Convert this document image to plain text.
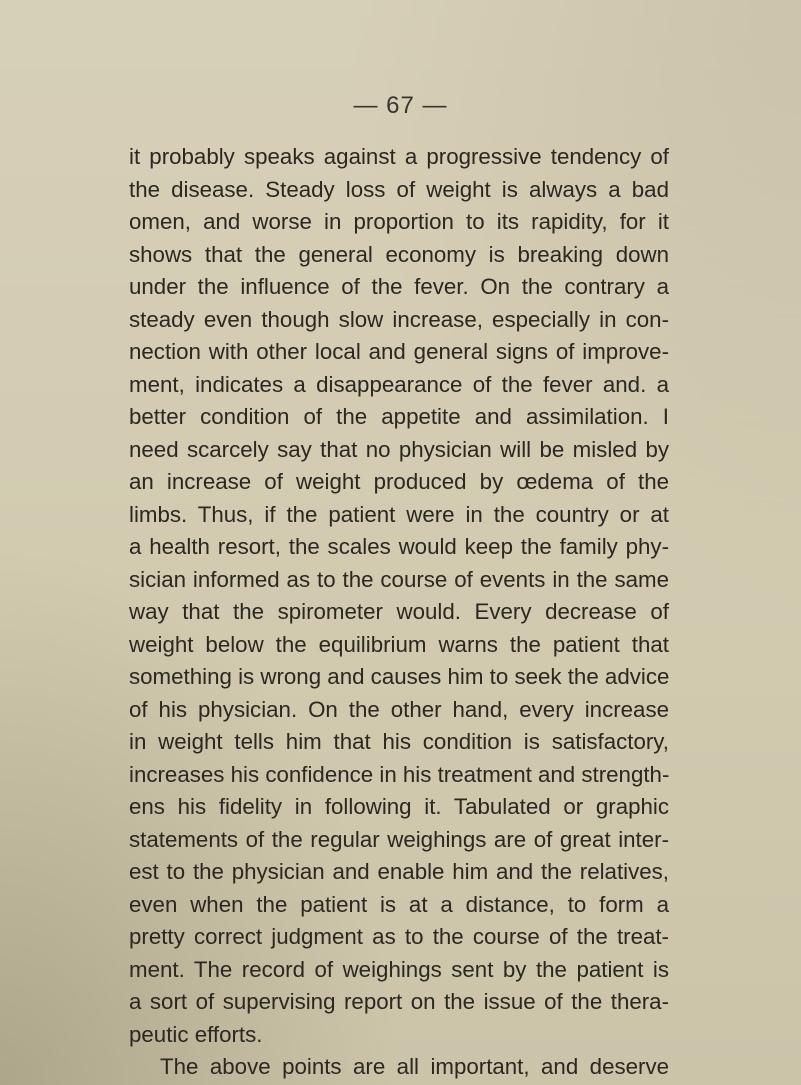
— 67 —
it probably speaks against a progressive tendency of
the disease. Steady loss of weight is always a bad
omen, and worse in proportion to its rapidity, for it
shows that the general economy is breaking down
under the influence of the fever. On the contrary a
steady even though slow increase, especially in con-
nection with other local and general signs of improve-
ment, indicates a disappearance of the fever and. a
better condition of the appetite and assimilation. I
need scarcely say that no physician will be misled by
an increase of weight produced by œdema of the
limbs. Thus, if the patient were in the country or at
a health resort, the scales would keep the family phy-
sician informed as to the course of events in the same
way that the spirometer would. Every decrease of
weight below the equilibrium warns the patient that
something is wrong and causes him to seek the advice
of his physician. On the other hand, every increase
in weight tells him that his condition is satisfactory,
increases his confidence in his treatment and strength-
ens his fidelity in following it. Tabulated or graphic
statements of the regular weighings are of great inter-
est to the physician and enable him and the relatives,
even when the patient is at a distance, to form a
pretty correct judgment as to the course of the treat-
ment. The record of weighings sent by the patient is
a sort of supervising report on the issue of the thera-
peutic efforts.
The above points are all important, and deserve
